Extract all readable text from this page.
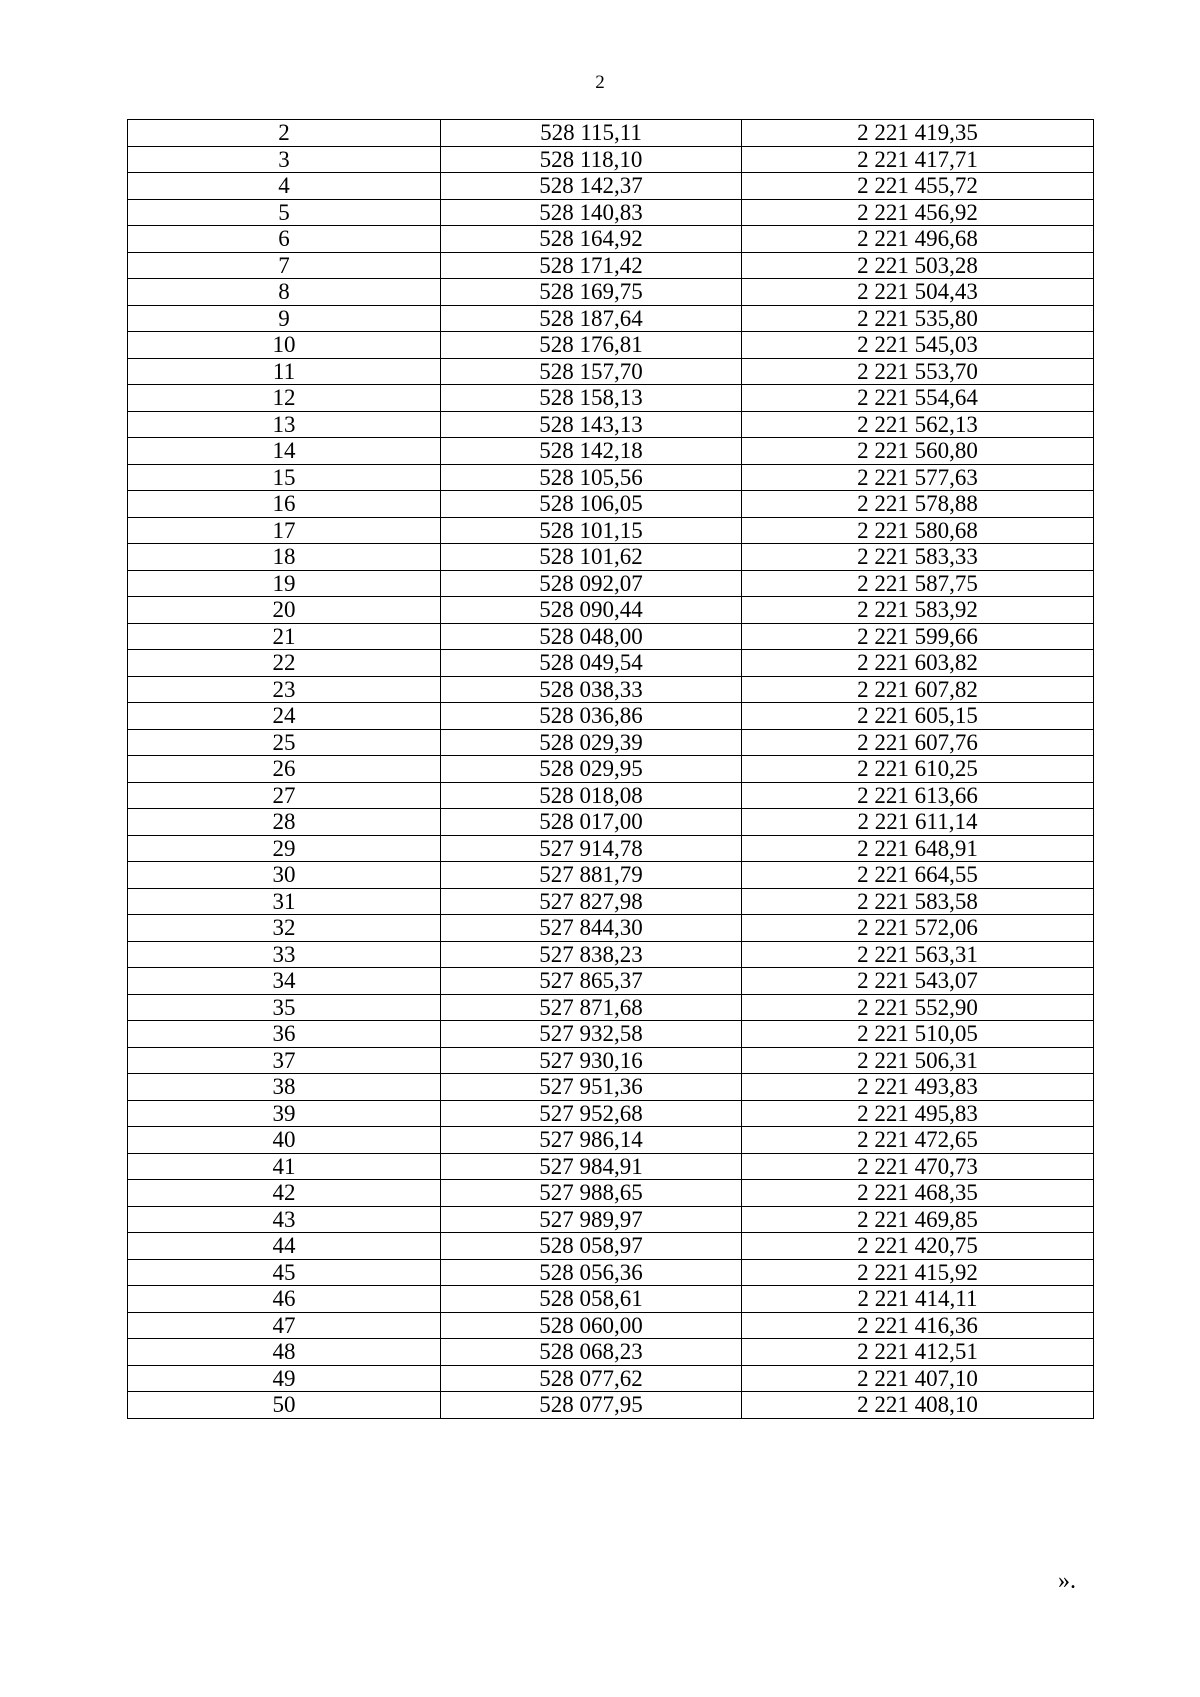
2
2	528 115,11	2 221 419,35
3	528 118,10	2 221 417,71
4	528 142,37	2 221 455,72
5	528 140,83	2 221 456,92
6	528 164,92	2 221 496,68
7	528 171,42	2 221 503,28
8	528 169,75	2 221 504,43
9	528 187,64	2 221 535,80
10	528 176,81	2 221 545,03
11	528 157,70	2 221 553,70
12	528 158,13	2 221 554,64
13	528 143,13	2 221 562,13
14	528 142,18	2 221 560,80
15	528 105,56	2 221 577,63
16	528 106,05	2 221 578,88
17	528 101,15	2 221 580,68
18	528 101,62	2 221 583,33
19	528 092,07	2 221 587,75
20	528 090,44	2 221 583,92
21	528 048,00	2 221 599,66
22	528 049,54	2 221 603,82
23	528 038,33	2 221 607,82
24	528 036,86	2 221 605,15
25	528 029,39	2 221 607,76
26	528 029,95	2 221 610,25
27	528 018,08	2 221 613,66
28	528 017,00	2 221 611,14
29	527 914,78	2 221 648,91
30	527 881,79	2 221 664,55
31	527 827,98	2 221 583,58
32	527 844,30	2 221 572,06
33	527 838,23	2 221 563,31
34	527 865,37	2 221 543,07
35	527 871,68	2 221 552,90
36	527 932,58	2 221 510,05
37	527 930,16	2 221 506,31
38	527 951,36	2 221 493,83
39	527 952,68	2 221 495,83
40	527 986,14	2 221 472,65
41	527 984,91	2 221 470,73
42	527 988,65	2 221 468,35
43	527 989,97	2 221 469,85
44	528 058,97	2 221 420,75
45	528 056,36	2 221 415,92
46	528 058,61	2 221 414,11
47	528 060,00	2 221 416,36
48	528 068,23	2 221 412,51
49	528 077,62	2 221 407,10
50	528 077,95	2 221 408,10
».
